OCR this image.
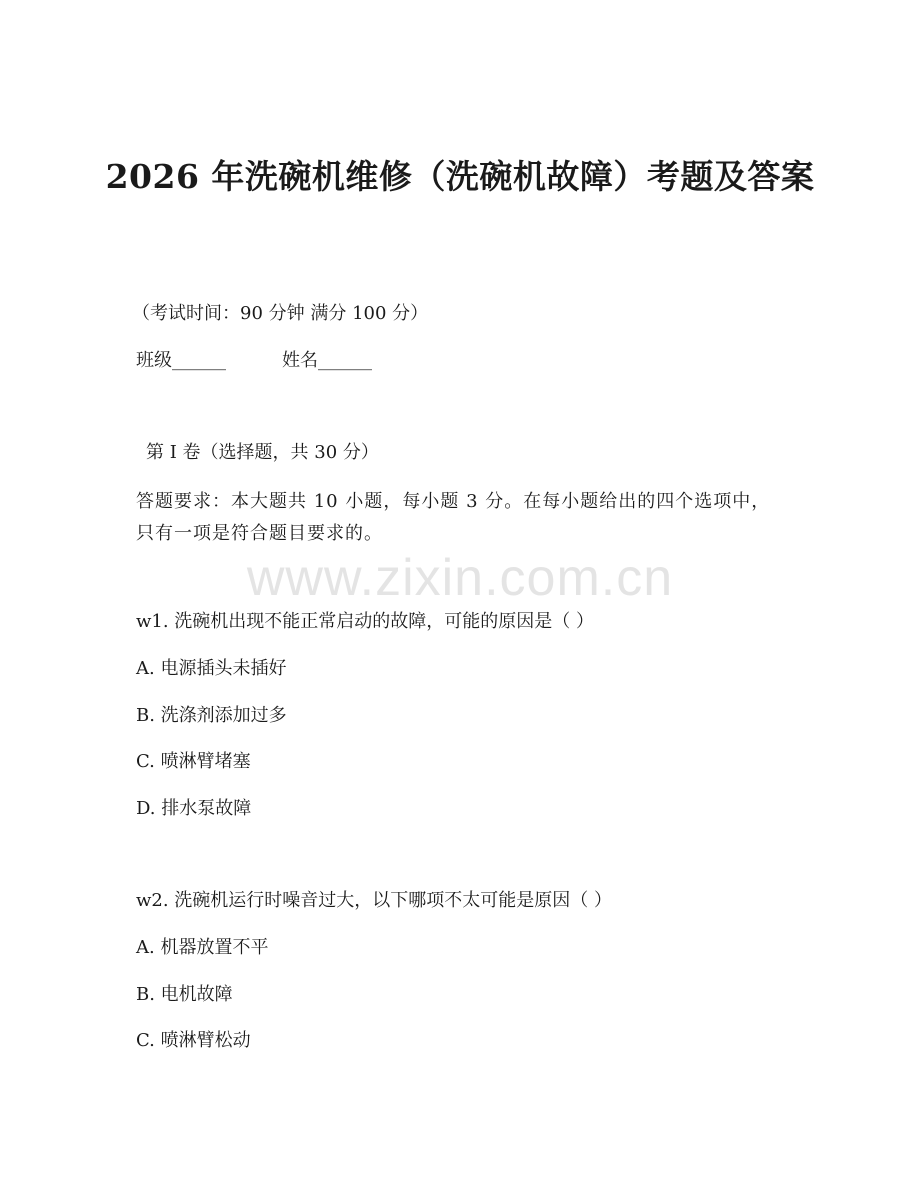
2026 年洗碗机维修（洗碗机故障）考题及答案
（考试时间：90 分钟 满分 100 分）
班级______	姓名______
第 I 卷（选择题，共 30 分）
答题要求：本大题共 10 小题，每小题 3 分。在每小题给出的四个选项中，只有一项是符合题目要求的。
www.zixin.com.cn
w1. 洗碗机出现不能正常启动的故障，可能的原因是（ ）
A. 电源插头未插好
B. 洗涤剂添加过多
C. 喷淋臂堵塞
D. 排水泵故障
w2. 洗碗机运行时噪音过大，以下哪项不太可能是原因（ ）
A. 机器放置不平
B. 电机故障
C. 喷淋臂松动
